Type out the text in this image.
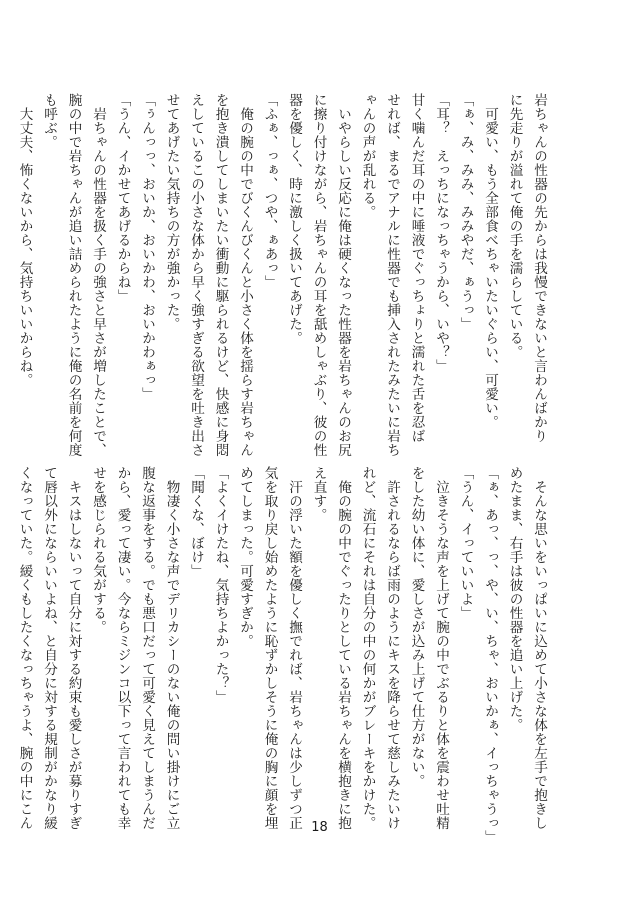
岩ちゃんの性器の先からは我慢できないと言わんばかり
に先走りが溢れて俺の手を濡らしている。
　可愛い、もう全部食べちゃいたいぐらい、可愛い。
「ぁ、み、みみ、みみやだ、ぁうっ」
「耳？　えっちになっちゃうから、いや？」
甘く噛んだ耳の中に唾液でぐっちょりと濡れた舌を忍ば
せれば、まるでアナルに性器でも挿入されたみたいに岩ち
ゃんの声が乱れる。
　いやらしい反応に俺は硬くなった性器を岩ちゃんのお尻
に擦り付けながら、岩ちゃんの耳を舐めしゃぶり、彼の性
器を優しく、時に激しく扱いてあげた。
「ふぁ、っぁ、つや、ぁあっ」
　俺の腕の中でびくんびくんと小さく体を揺らす岩ちゃん
を抱き潰してしまいたい衝動に駆られるけど、快感に身悶
えしているこの小さな体から早く強すぎる欲望を吐き出さ
せてあげたい気持ちの方が強かった。
「ぅんっっ、おいか、おいかわ、おいかわぁっ」
「うん、イかせてあげるからね」
　岩ちゃんの性器を扱く手の強さと早さが増したことで、
腕の中で岩ちゃんが追い詰められたように俺の名前を何度
も呼ぶ。
　大丈夫、怖くないから、気持ちいいからね。
　そんな思いをいっぱいに込めて小さな体を左手で抱きし
めたまま、右手は彼の性器を追い上げた。
「ぁ、あっ、っ、や、い、ちゃ、おいかぁ、イっちゃうっ」
「うん、イっていいよ」
　泣きそうな声を上げて腕の中でぶるりと体を震わせ吐精
をした幼い体に、愛しさが込み上げて仕方がない。
　許されるならば雨のようにキスを降らせて慈しみたいけ
れど、流石にそれは自分の中の何かがブレーキをかけた。
　俺の腕の中でぐったりとしている岩ちゃんを横抱きに抱
え直す。
　汗の浮いた額を優しく撫でれば、岩ちゃんは少しずつ正
気を取り戻し始めたように恥ずかしそうに俺の胸に顔を埋
めてしまった。可愛すぎか。
「よくイけたね、気持ちよかった？」
「聞くな、ぼけ」
　物凄く小さな声でデリカシーのない俺の問い掛けにご立
腹な返事をする。でも悪口だって可愛く見えてしまうんだ
から、愛って凄い。今ならミジンコ以下って言われても幸
せを感じられる気がする。
　キスはしないって自分に対する約束も愛しさが募りすぎ
て唇以外にならいいよね、と自分に対する規制がかなり緩
くなっていた。緩くもしたくなっちゃうよ、腕の中にこん	18
